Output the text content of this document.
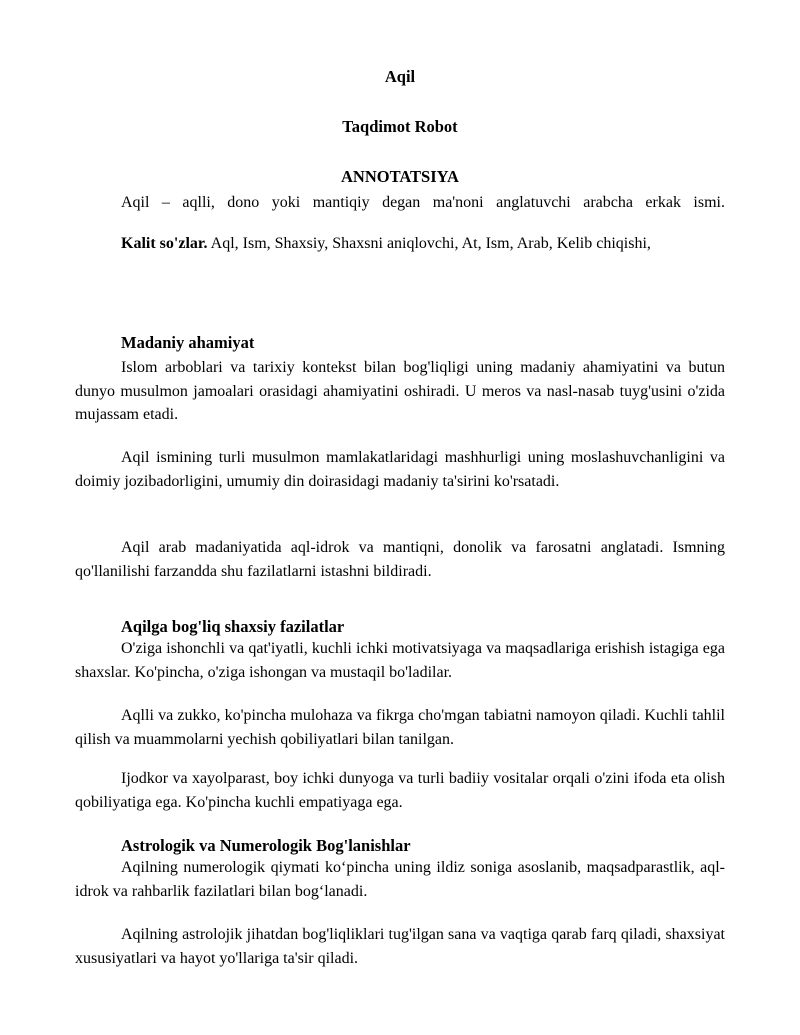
Aqil

Taqdimot Robot

ANNOTATSIYA

Aqil – aqlli, dono yoki mantiqiy degan ma'noni anglatuvchi arabcha erkak ismi.

Kalit so'zlar. Aql, Ism, Shaxsiy, Shaxsni aniqlovchi, At, Ism, Arab, Kelib chiqishi,

Madaniy ahamiyat

Islom arboblari va tarixiy kontekst bilan bog'liqligi uning madaniy ahamiyatini va butun dunyo musulmon jamoalari orasidagi ahamiyatini oshiradi. U meros va nasl-nasab tuyg'usini o'zida mujassam etadi.

Aqil ismining turli musulmon mamlakatlaridagi mashhurligi uning moslashuvchanligini va doimiy jozibadorligini, umumiy din doirasidagi madaniy ta'sirini ko'rsatadi.

Aqil arab madaniyatida aql-idrok va mantiqni, donolik va farosatni anglatadi. Ismning qo'llanilishi farzandda shu fazilatlarni istashni bildiradi.

Aqilga bog'liq shaxsiy fazilatlar

O'ziga ishonchli va qat'iyatli, kuchli ichki motivatsiyaga va maqsadlariga erishish istagiga ega shaxslar. Ko'pincha, o'ziga ishongan va mustaqil bo'ladilar.

Aqlli va zukko, ko'pincha mulohaza va fikrga cho'mgan tabiatni namoyon qiladi. Kuchli tahlil qilish va muammolarni yechish qobiliyatlari bilan tanilgan.

Ijodkor va xayolparast, boy ichki dunyoga va turli badiiy vositalar orqali o'zini ifoda eta olish qobiliyatiga ega. Ko'pincha kuchli empatiyaga ega.

Astrologik va Numerologik Bog'lanishlar

Aqilning numerologik qiymati koʻpincha uning ildiz soniga asoslanib, maqsadparastlik, aql-idrok va rahbarlik fazilatlari bilan bogʻlanadi.

Aqilning astrolojik jihatdan bog'liqliklari tug'ilgan sana va vaqtiga qarab farq qiladi, shaxsiyat xususiyatlari va hayot yo'llariga ta'sir qiladi.
